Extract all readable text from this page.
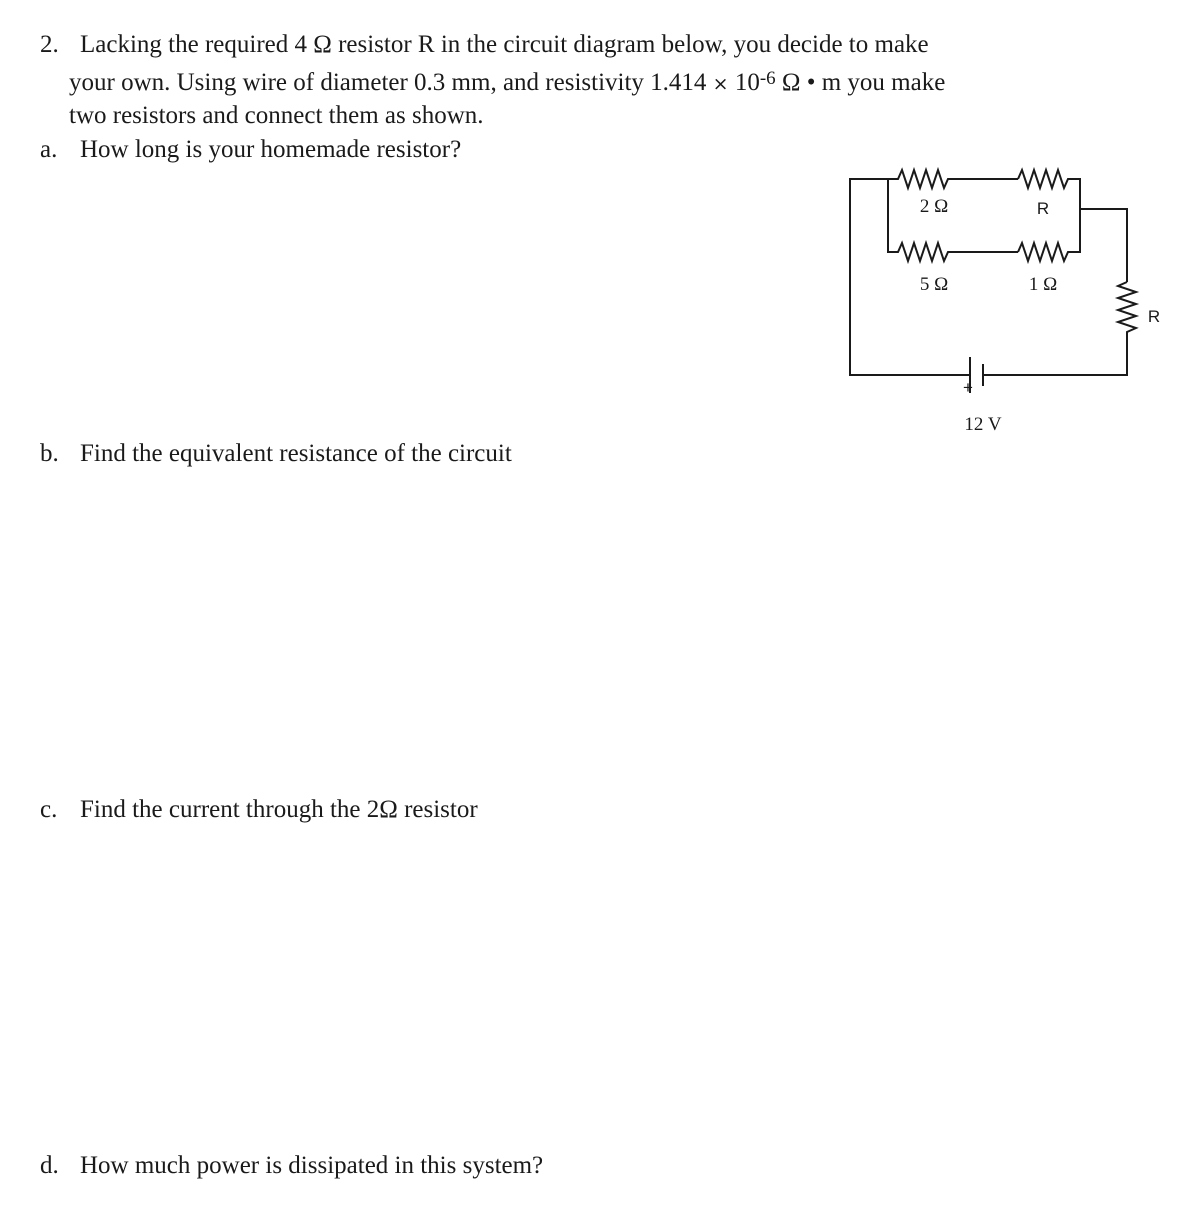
2. Lacking the required 4 Ω resistor R in the circuit diagram below, you decide to make
your own. Using wire of diameter 0.3 mm, and resistivity $1.414 \times 10^{-6}$ Ω • m you make
two resistors and connect them as shown.
a. How long is your homemade resistor?
b. Find the equivalent resistance of the circuit
c. Find the current through the 2Ω resistor
d. How much power is dissipated in this system?
2 Ω	R
5 Ω	1 Ω
R
+
12 V
